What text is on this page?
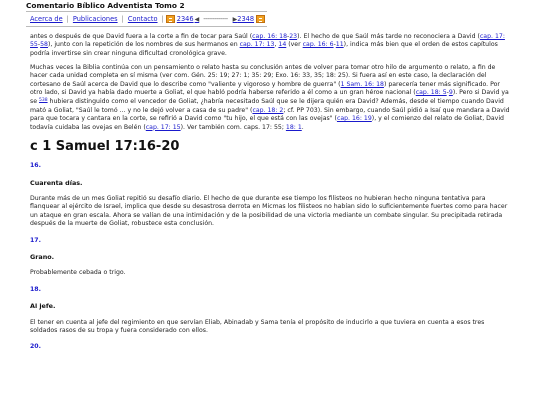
Comentario Bíblico Adventista Tomo 2
Acerca de | Publicaciones | Contacto | 2346 ◀ ------------- ▶ 2348

antes o después de que David fuera a la corte a fin de tocar para Saúl (cap. 16: 18-23). El hecho de que Saúl más tarde no reconociera a David (cap. 17: 55-58), junto con la repetición de los nombres de sus hermanos en cap. 17: 13, 14 (ver cap. 16: 6-11), indica más bien que el orden de estos capítulos podría invertirse sin crear ninguna dificultad cronológica grave.

Muchas veces la Biblia continúa con un pensamiento o relato hasta su conclusión antes de volver para tomar otro hilo de argumento o relato, a fin de hacer cada unidad completa en sí misma (ver com. Gén. 25: 19; 27: 1; 35: 29; Exo. 16: 33, 35; 18: 25). Si fuera así en este caso, la declaración del cortesano de Saúl acerca de David que lo describe como "valiente y vigoroso y hombre de guerra" (1 Sam. 16: 18) parecería tener más significado. Por otro lado, si David ya había dado muerte a Goliat, el que habló podría haberse referido a él como a un gran héroe nacional (cap. 18: 5-9). Pero si David ya se 538 hubiera distinguido como el vencedor de Goliat, ¿habría necesitado Saúl que se le dijera quién era David? Además, desde el tiempo cuando David mató a Goliat, "Saúl le tomó ... y no le dejó volver a casa de su padre" (cap. 18: 2; cf. PP 703). Sin embargo, cuando Saúl pidió a Isaí que mandara a David para que tocara y cantara en la corte, se refirió a David como "tu hijo, el que está con las ovejas" (cap. 16: 19), y el comienzo del relato de Goliat, David todavía cuidaba las ovejas en Belén (cap. 17: 15). Ver también com. caps. 17: 55; 18: 1.

c 1 Samuel 17:16-20
16.
Cuarenta días.
Durante más de un mes Goliat repitió su desafío diario. El hecho de que durante ese tiempo los filisteos no hubieran hecho ninguna tentativa para flanquear al ejército de Israel, implica que desde su desastrosa derrota en Micmas los filisteos no habían sido lo suficientemente fuertes como para hacer un ataque en gran escala. Ahora se valían de una intimidación y de la posibilidad de una victoria mediante un combate singular. Su precipitada retirada después de la muerte de Goliat, robustece esta conclusión.
17.
Grano.
Probablemente cebada o trigo.
18.
Al jefe.
El tener en cuenta al jefe del regimiento en que servían Eliab, Abinadab y Sama tenía el propósito de inducirlo a que tuviera en cuenta a esos tres soldados rasos de su tropa y fuera considerado con ellos.
20.
